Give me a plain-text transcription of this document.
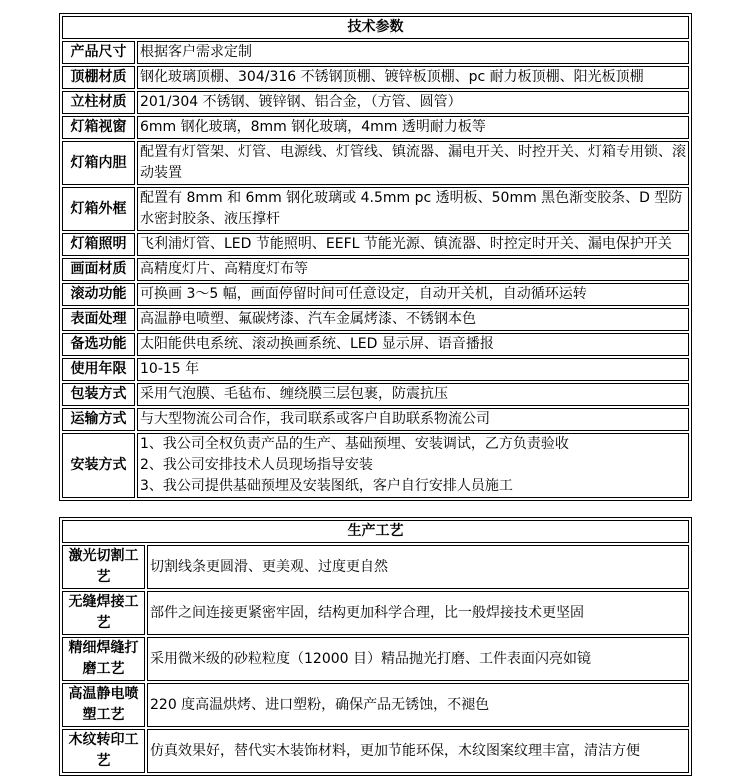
技术参数	
产品尺寸	根据客户需求定制
顶棚材质	钢化玻璃顶棚、304/316 不锈钢顶棚、镀锌板顶棚、pc 耐力板顶棚、阳光板顶棚
立柱材质	201/304 不锈钢、镀锌钢、铝合金，（方管、圆管）
灯箱视窗	6mm 钢化玻璃，8mm 钢化玻璃，4mm 透明耐力板等
灯箱内胆	配置有灯管架、灯管、电源线、灯管线、镇流器、漏电开关、时控开关、灯箱专用锁、滚动装置
灯箱外框	配置有 8mm 和 6mm 钢化玻璃或 4.5mm pc 透明板、50mm 黑色渐变胶条、D 型防水密封胶条、液压撑杆
灯箱照明	飞利浦灯管、LED 节能照明、EEFL 节能光源、镇流器、时控定时开关、漏电保护开关
画面材质	高精度灯片、高精度灯布等
滚动功能	可换画 3～5 幅，画面停留时间可任意设定，自动开关机，自动循环运转
表面处理	高温静电喷塑、氟碳烤漆、汽车金属烤漆、不锈钢本色
备选功能	太阳能供电系统、滚动换画系统、LED 显示屏、语音播报
使用年限	10-15 年
包装方式	采用气泡膜、毛毡布、缠绕膜三层包裹，防震抗压
运输方式	与大型物流公司合作，我司联系或客户自助联系物流公司
安装方式	1、我公司全权负责产品的生产、基础预埋、安装调试，乙方负责验收
2、我公司安排技术人员现场指导安装
3、我公司提供基础预埋及安装图纸，客户自行安排人员施工
生产工艺	
激光切割工艺	切割线条更圆滑、更美观、过度更自然
无缝焊接工艺	部件之间连接更紧密牢固，结构更加科学合理，比一般焊接技术更坚固
精细焊缝打磨工艺	采用微米级的砂粒粒度（12000 目）精品抛光打磨、工件表面闪亮如镜
高温静电喷塑工艺	220 度高温烘烤、进口塑粉，确保产品无锈蚀，不褪色
木纹转印工艺	仿真效果好，替代实木装饰材料，更加节能环保，木纹图案纹理丰富，清洁方便
